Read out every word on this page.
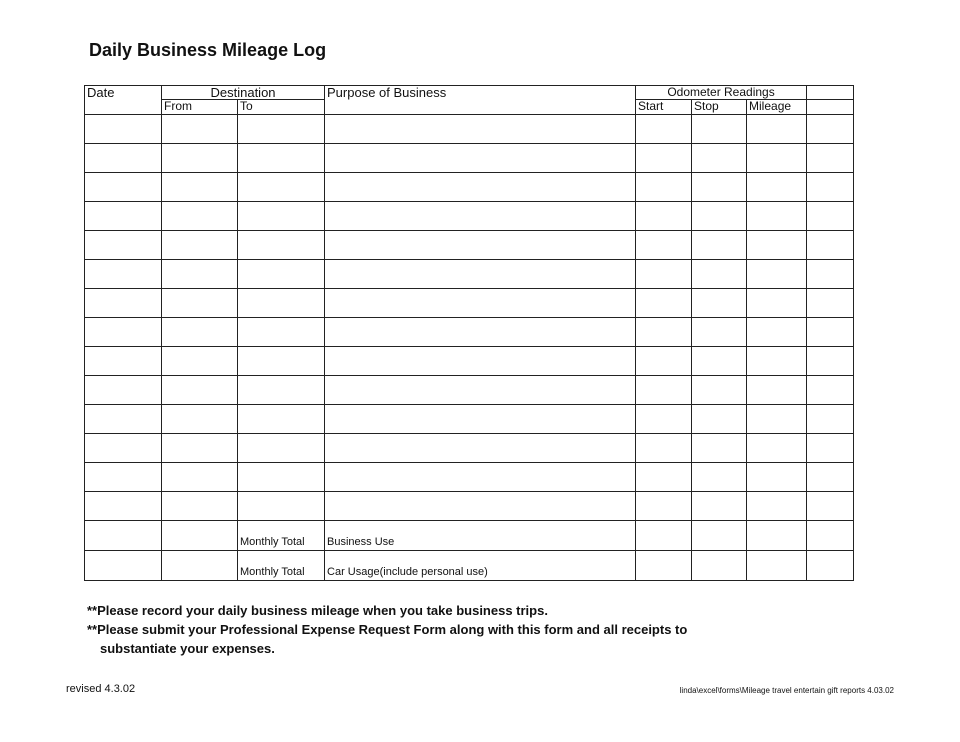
Daily Business Mileage Log
Date	Destination		Purpose of Business	Odometer Readings			
	From	To		Start	Stop	Mileage	

		Monthly Total	Business Use				
		Monthly Total	Car Usage(include personal use)				

**Please record your daily business mileage when you take business trips.

**Please submit your Professional Expense Request Form along with this form and all receipts to

substantiate your expenses.

revised 4.3.02	linda\excel\forms\Mileage travel entertain gift reports 4.03.02
